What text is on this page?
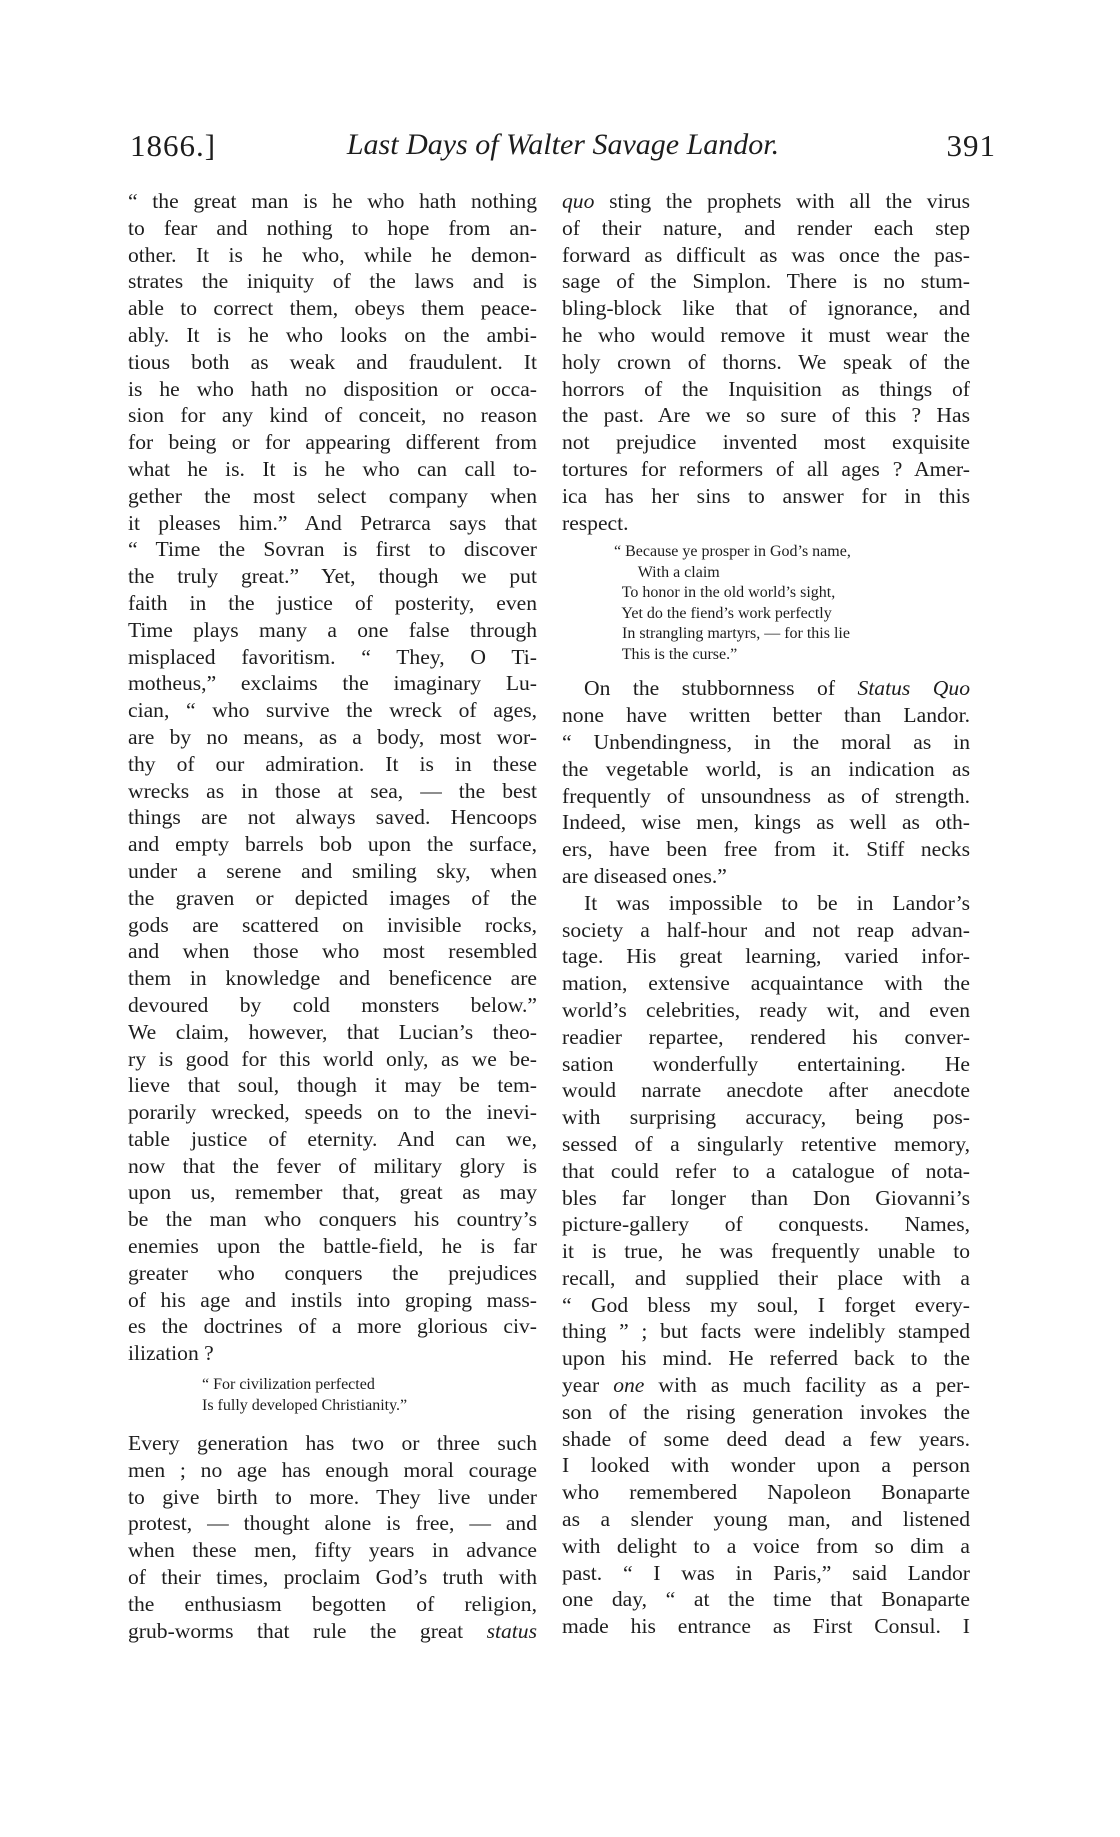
1866.]	Last Days of Walter Savage Landor.	391
“ the great man is he who hath nothing
to fear and nothing to hope from an-
other. It is he who, while he demon-
strates the iniquity of the laws and is
able to correct them, obeys them peace-
ably. It is he who looks on the ambi-
tious both as weak and fraudulent. It
is he who hath no disposition or occa-
sion for any kind of conceit, no reason
for being or for appearing different from
what he is. It is he who can call to-
gether the most select company when
it pleases him.” And Petrarca says that
“ Time the Sovran is first to discover
the truly great.” Yet, though we put
faith in the justice of posterity, even
Time plays many a one false through
misplaced favoritism. “ They, O Ti-
motheus,” exclaims the imaginary Lu-
cian, “ who survive the wreck of ages,
are by no means, as a body, most wor-
thy of our admiration. It is in these
wrecks as in those at sea, — the best
things are not always saved. Hencoops
and empty barrels bob upon the surface,
under a serene and smiling sky, when
the graven or depicted images of the
gods are scattered on invisible rocks,
and when those who most resembled
them in knowledge and beneficence are
devoured by cold monsters below.”
We claim, however, that Lucian’s theo-
ry is good for this world only, as we be-
lieve that soul, though it may be tem-
porarily wrecked, speeds on to the inevi-
table justice of eternity. And can we,
now that the fever of military glory is
upon us, remember that, great as may
be the man who conquers his country’s
enemies upon the battle-field, he is far
greater who conquers the prejudices
of his age and instils into groping mass-
es the doctrines of a more glorious civ-
ilization ?
“ For civilization perfected
Is fully developed Christianity.”
Every generation has two or three such
men ; no age has enough moral courage
to give birth to more. They live under
protest, — thought alone is free, — and
when these men, fifty years in advance
of their times, proclaim God’s truth with
the enthusiasm begotten of religion,
grub-worms that rule the great status
quo sting the prophets with all the virus
of their nature, and render each step
forward as difficult as was once the pas-
sage of the Simplon. There is no stum-
bling-block like that of ignorance, and
he who would remove it must wear the
holy crown of thorns. We speak of the
horrors of the Inquisition as things of
the past. Are we so sure of this ? Has
not prejudice invented most exquisite
tortures for reformers of all ages ? Amer-
ica has her sins to answer for in this
respect.
“ Because ye prosper in God’s name,
With a claim
To honor in the old world’s sight,
Yet do the fiend’s work perfectly
In strangling martyrs, — for this lie
This is the curse.”
On the stubbornness of Status Quo
none have written better than Landor.
“ Unbendingness, in the moral as in
the vegetable world, is an indication as
frequently of unsoundness as of strength.
Indeed, wise men, kings as well as oth-
ers, have been free from it. Stiff necks
are diseased ones.”
It was impossible to be in Landor’s
society a half-hour and not reap advan-
tage. His great learning, varied infor-
mation, extensive acquaintance with the
world’s celebrities, ready wit, and even
readier repartee, rendered his conver-
sation wonderfully entertaining. He
would narrate anecdote after anecdote
with surprising accuracy, being pos-
sessed of a singularly retentive memory,
that could refer to a catalogue of nota-
bles far longer than Don Giovanni’s
picture-gallery of conquests. Names,
it is true, he was frequently unable to
recall, and supplied their place with a
“ God bless my soul, I forget every-
thing ” ; but facts were indelibly stamped
upon his mind. He referred back to the
year one with as much facility as a per-
son of the rising generation invokes the
shade of some deed dead a few years.
I looked with wonder upon a person
who remembered Napoleon Bonaparte
as a slender young man, and listened
with delight to a voice from so dim a
past. “ I was in Paris,” said Landor
one day, “ at the time that Bonaparte
made his entrance as First Consul. I
